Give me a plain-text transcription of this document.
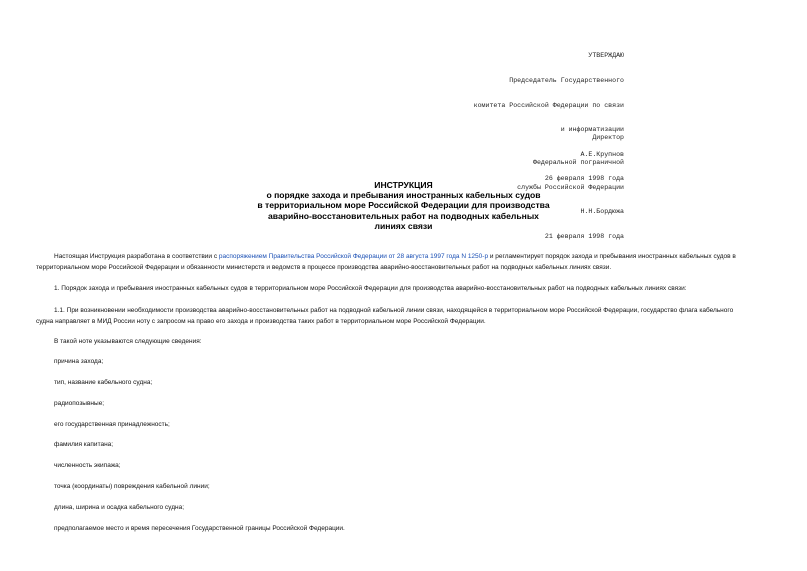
УТВЕРЖДАЮ

Председатель Государственного

комитета Российской Федерации по связи

и информатизации

А.Е.Крупнов

26 февраля 1998 года

Директор

Федеральной пограничной

службы Российской Федерации

Н.Н.Бордюжа

21 февраля 1998 года

ИНСТРУКЦИЯ
о порядке захода и пребывания иностранных кабельных судов
в территориальном море Российской Федерации для производства
аварийно-восстановительных работ на подводных кабельных
линиях связи
Настоящая Инструкция разработана в соответствии с распоряжением Правительства Российской Федерации от 28 августа 1997 года N 1250-р и регламентирует порядок захода и пребывания иностранных кабельных судов в территориальном море Российской Федерации и обязанности министерств и ведомств в процессе производства аварийно-восстановительных работ на подводных кабельных линиях связи.
1. Порядок захода и пребывания иностранных кабельных судов в территориальном море Российской Федерации для производства аварийно-восстановительных работ на подводных кабельных линиях связи:
1.1. При возникновении необходимости производства аварийно-восстановительных работ на подводной кабельной линии связи, находящейся в территориальном море Российской Федерации, государство флага кабельного судна направляет в МИД России ноту с запросом на право его захода и производства таких работ в территориальном море Российской Федерации.
В такой ноте указываются следующие сведения:
причина захода;
тип, название кабельного судна;
радиопозывные;
его государственная принадлежность;
фамилия капитана;
численность экипажа;
точка (координаты) повреждения кабельной линии;
длина, ширина и осадка кабельного судна;
предполагаемое место и время пересечения Государственной границы Российской Федерации.
